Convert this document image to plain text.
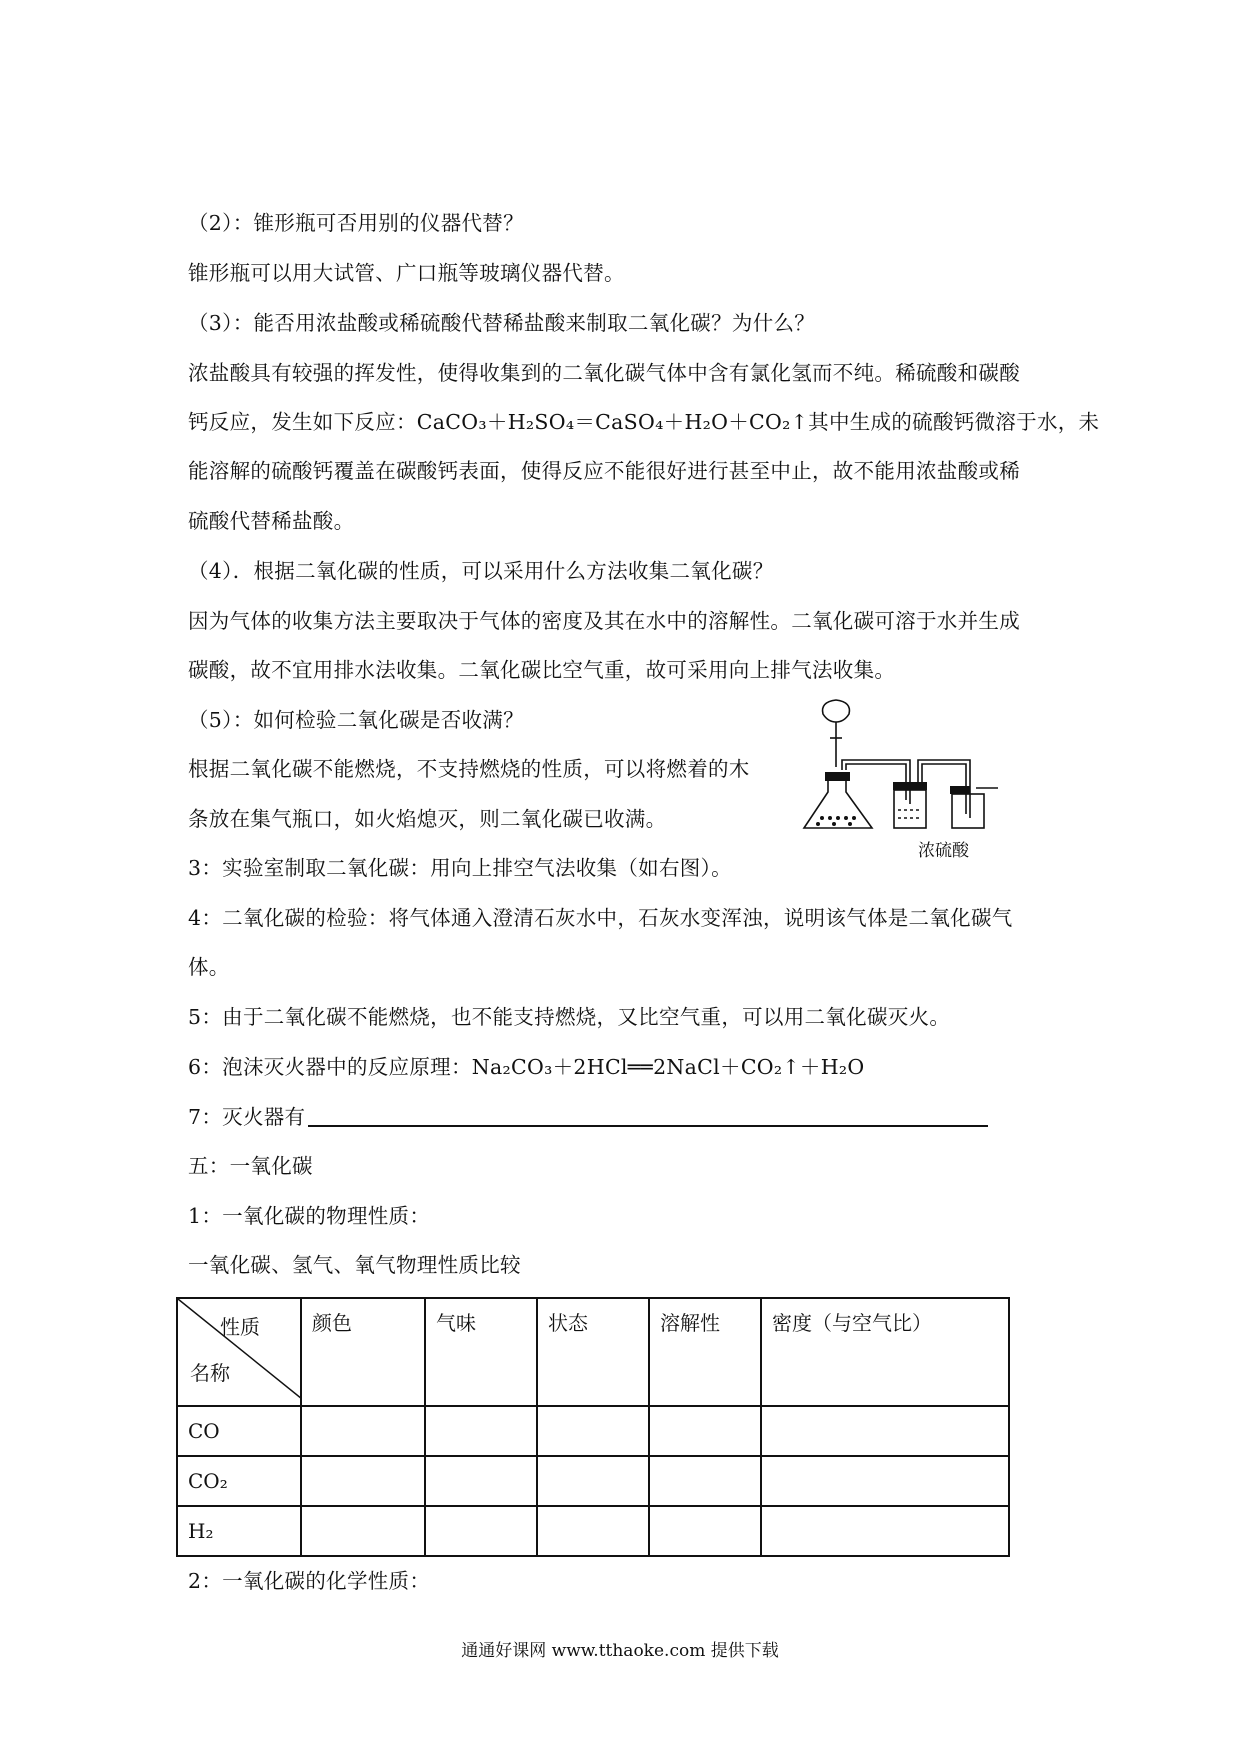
（2）：锥形瓶可否用别的仪器代替？
锥形瓶可以用大试管、广口瓶等玻璃仪器代替。
（3）：能否用浓盐酸或稀硫酸代替稀盐酸来制取二氧化碳？为什么？
浓盐酸具有较强的挥发性，使得收集到的二氧化碳气体中含有氯化氢而不纯。稀硫酸和碳酸
钙反应，发生如下反应：CaCO₃＋H₂SO₄＝CaSO₄＋H₂O＋CO₂↑其中生成的硫酸钙微溶于水，未
能溶解的硫酸钙覆盖在碳酸钙表面，使得反应不能很好进行甚至中止，故不能用浓盐酸或稀
硫酸代替稀盐酸。
（4）．根据二氧化碳的性质，可以采用什么方法收集二氧化碳？
因为气体的收集方法主要取决于气体的密度及其在水中的溶解性。二氧化碳可溶于水并生成
碳酸，故不宜用排水法收集。二氧化碳比空气重，故可采用向上排气法收集。
（5）：如何检验二氧化碳是否收满？
根据二氧化碳不能燃烧，不支持燃烧的性质，可以将燃着的木
条放在集气瓶口，如火焰熄灭，则二氧化碳已收满。
3：实验室制取二氧化碳：用向上排空气法收集（如右图）。
4：二氧化碳的检验：将气体通入澄清石灰水中，石灰水变浑浊，说明该气体是二氧化碳气
体。
5：由于二氧化碳不能燃烧，也不能支持燃烧，又比空气重，可以用二氧化碳灭火。
6：泡沫灭火器中的反应原理：Na₂CO₃＋2HCl══2NaCl＋CO₂↑＋H₂O
7：灭火器有
五：一氧化碳
1：一氧化碳的物理性质：
一氧化碳、氢气、氧气物理性质比较
2：一氧化碳的化学性质：
浓硫酸
性质
名称	颜色	气味	状态	溶解性	密度（与空气比）
CO					
CO₂					
H₂					
通通好课网 www.tthaoke.com 提供下载
